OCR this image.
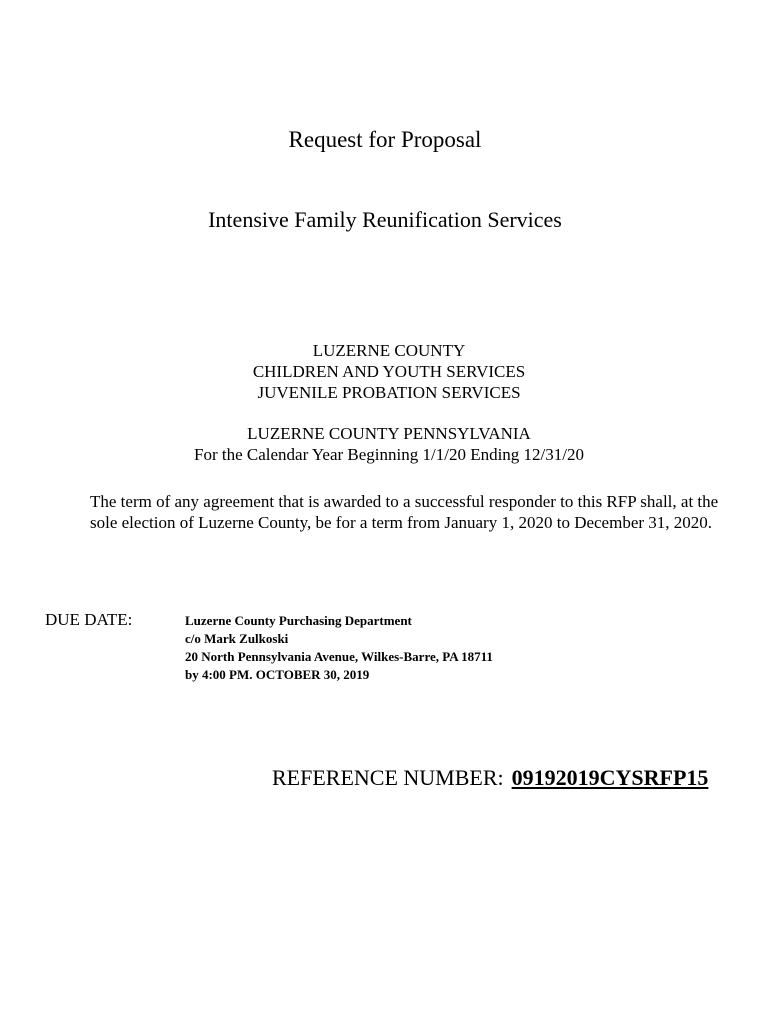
Request for Proposal
Intensive Family Reunification Services
LUZERNE COUNTY
CHILDREN AND YOUTH SERVICES
JUVENILE PROBATION SERVICES
LUZERNE COUNTY PENNSYLVANIA
For the Calendar Year Beginning 1/1/20 Ending 12/31/20
The term of any agreement that is awarded to a successful responder to this RFP shall, at the sole election of Luzerne County, be for a term from January 1, 2020 to December 31, 2020.
DUE DATE:	Luzerne County Purchasing Department
c/o Mark Zulkoski
20 North Pennsylvania Avenue, Wilkes-Barre, PA 18711
by 4:00 PM. OCTOBER 30, 2019
REFERENCE NUMBER: 09192019CYSRFP15
